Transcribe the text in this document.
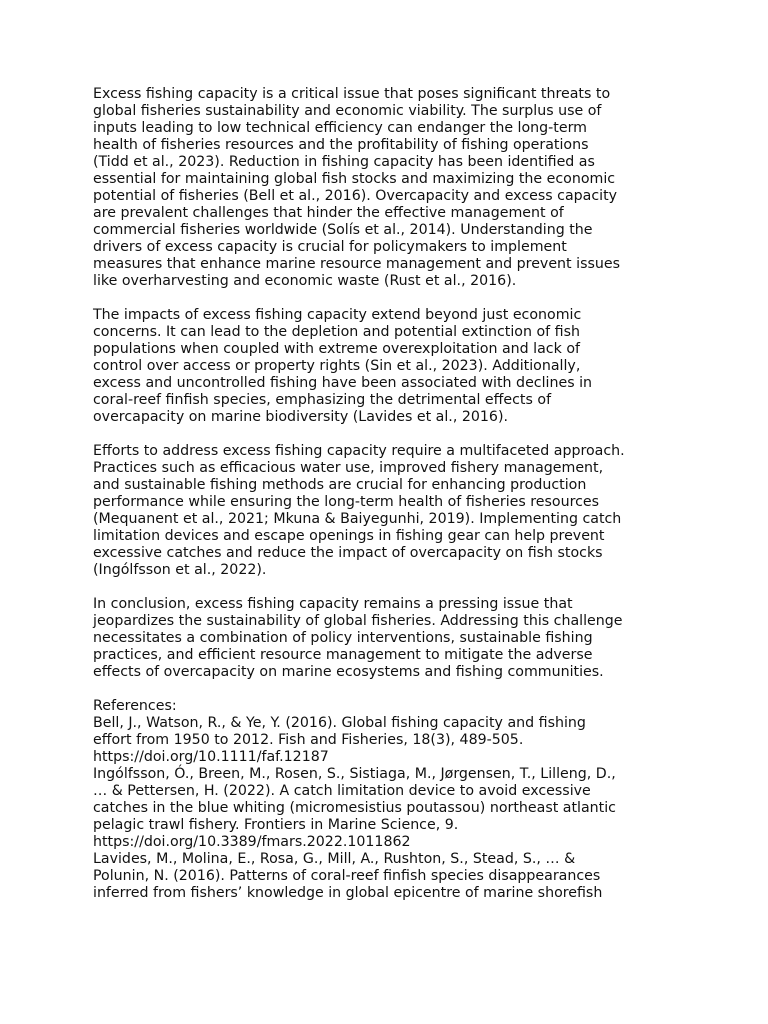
Excess fishing capacity is a critical issue that poses significant threats to
global fisheries sustainability and economic viability. The surplus use of
inputs leading to low technical efficiency can endanger the long-term
health of fisheries resources and the profitability of fishing operations
(Tidd et al., 2023). Reduction in fishing capacity has been identified as
essential for maintaining global fish stocks and maximizing the economic
potential of fisheries (Bell et al., 2016). Overcapacity and excess capacity
are prevalent challenges that hinder the effective management of
commercial fisheries worldwide (Solís et al., 2014). Understanding the
drivers of excess capacity is crucial for policymakers to implement
measures that enhance marine resource management and prevent issues
like overharvesting and economic waste (Rust et al., 2016).
The impacts of excess fishing capacity extend beyond just economic
concerns. It can lead to the depletion and potential extinction of fish
populations when coupled with extreme overexploitation and lack of
control over access or property rights (Sin et al., 2023). Additionally,
excess and uncontrolled fishing have been associated with declines in
coral-reef finfish species, emphasizing the detrimental effects of
overcapacity on marine biodiversity (Lavides et al., 2016).
Efforts to address excess fishing capacity require a multifaceted approach.
Practices such as efficacious water use, improved fishery management,
and sustainable fishing methods are crucial for enhancing production
performance while ensuring the long-term health of fisheries resources
(Mequanent et al., 2021; Mkuna & Baiyegunhi, 2019). Implementing catch
limitation devices and escape openings in fishing gear can help prevent
excessive catches and reduce the impact of overcapacity on fish stocks
(Ingólfsson et al., 2022).
In conclusion, excess fishing capacity remains a pressing issue that
jeopardizes the sustainability of global fisheries. Addressing this challenge
necessitates a combination of policy interventions, sustainable fishing
practices, and efficient resource management to mitigate the adverse
effects of overcapacity on marine ecosystems and fishing communities.
References:
Bell, J., Watson, R., & Ye, Y. (2016). Global fishing capacity and fishing
effort from 1950 to 2012. Fish and Fisheries, 18(3), 489-505.
https://doi.org/10.1111/faf.12187
Ingólfsson, Ó., Breen, M., Rosen, S., Sistiaga, M., Jørgensen, T., Lilleng, D.,
… & Pettersen, H. (2022). A catch limitation device to avoid excessive
catches in the blue whiting (micromesistius poutassou) northeast atlantic
pelagic trawl fishery. Frontiers in Marine Science, 9.
https://doi.org/10.3389/fmars.2022.1011862
Lavides, M., Molina, E., Rosa, G., Mill, A., Rushton, S., Stead, S., … &
Polunin, N. (2016). Patterns of coral-reef finfish species disappearances
inferred from fishers’ knowledge in global epicentre of marine shorefish
